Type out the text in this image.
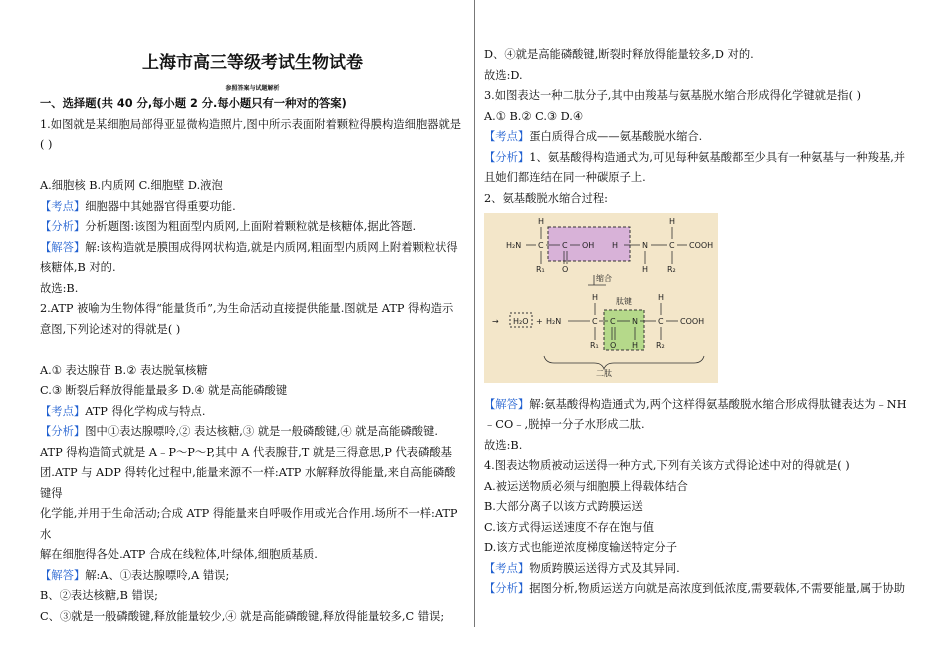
上海市高三等级考试生物试卷
参照答案与试题解析

一、选择题(共 40 分,每小题 2 分.每小题只有一种对的答案)

1.如图就是某细胞局部得亚显微构造照片,图中所示表面附着颗粒得膜构造细胞器就是

( )

A.细胞核 B.内质网 C.细胞壁 D.液泡

【考点】细胞器中其她器官得重要功能.

【分析】分析题图:该图为粗面型内质网,上面附着颗粒就是核糖体,据此答题.

【解答】解:该构造就是膜围成得网状构造,就是内质网,粗面型内质网上附着颗粒状得

核糖体,B 对的.

故选:B.

2.ATP 被喻为生物体得“能量货币”,为生命活动直接提供能量.图就是 ATP 得构造示

意图,下列论述对的得就是( )

A.① 表达腺苷 B.② 表达脱氧核糖

C.③ 断裂后释放得能量最多 D.④ 就是高能磷酸键

【考点】ATP 得化学构成与特点.

【分析】图中①表达腺嘌呤,② 表达核糖,③ 就是一般磷酸键,④ 就是高能磷酸键.

ATP 得构造简式就是 A﹣P～P～P,其中 A 代表腺苷,T 就是三得意思,P 代表磷酸基

团.ATP 与 ADP 得转化过程中,能量来源不一样:ATP 水解释放得能量,来自高能磷酸键得

化学能,并用于生命活动;合成 ATP 得能量来自呼吸作用或光合作用.场所不一样:ATP 水

解在细胞得各处.ATP 合成在线粒体,叶绿体,细胞质基质.

【解答】解:A、①表达腺嘌呤,A 错误;

B、②表达核糖,B 错误;

C、③就是一般磷酸键,释放能量较少,④ 就是高能磷酸键,释放得能量较多,C 错误;

D、④就是高能磷酸键,断裂时释放得能量较多,D 对的.

故选:D.

3.如图表达一种二肽分子,其中由羧基与氨基脱水缩合形成得化学键就是指( )

A.① B.② C.③ D.④

【考点】蛋白质得合成——氨基酸脱水缩合.

【分析】1、氨基酸得构造通式为,可见每种氨基酸都至少具有一种氨基与一种羧基,并

且她们都连结在同一种碳原子上.

2、氨基酸脱水缩合过程:

H₂N C
H
R₁
C
O
OH H	N
H
C
H
R₂
COOH
缩合
→ H₂O + H₂N	C
H
R₁
C
O
N
H
肽键
C
H
R₂
COOH
二肽

【解答】解:氨基酸得构造通式为,两个这样得氨基酸脱水缩合形成得肽键表达为﹣NH

﹣CO﹣,脱掉一分子水形成二肽.

故选:B.

4.图表达物质被动运送得一种方式,下列有关该方式得论述中对的得就是( )

A.被运送物质必须与细胞膜上得载体结合

B.大部分离子以该方式跨膜运送

C.该方式得运送速度不存在饱与值

D.该方式也能逆浓度梯度输送特定分子

【考点】物质跨膜运送得方式及其异同.

【分析】据图分析,物质运送方向就是高浓度到低浓度,需要载体,不需要能量,属于协助
